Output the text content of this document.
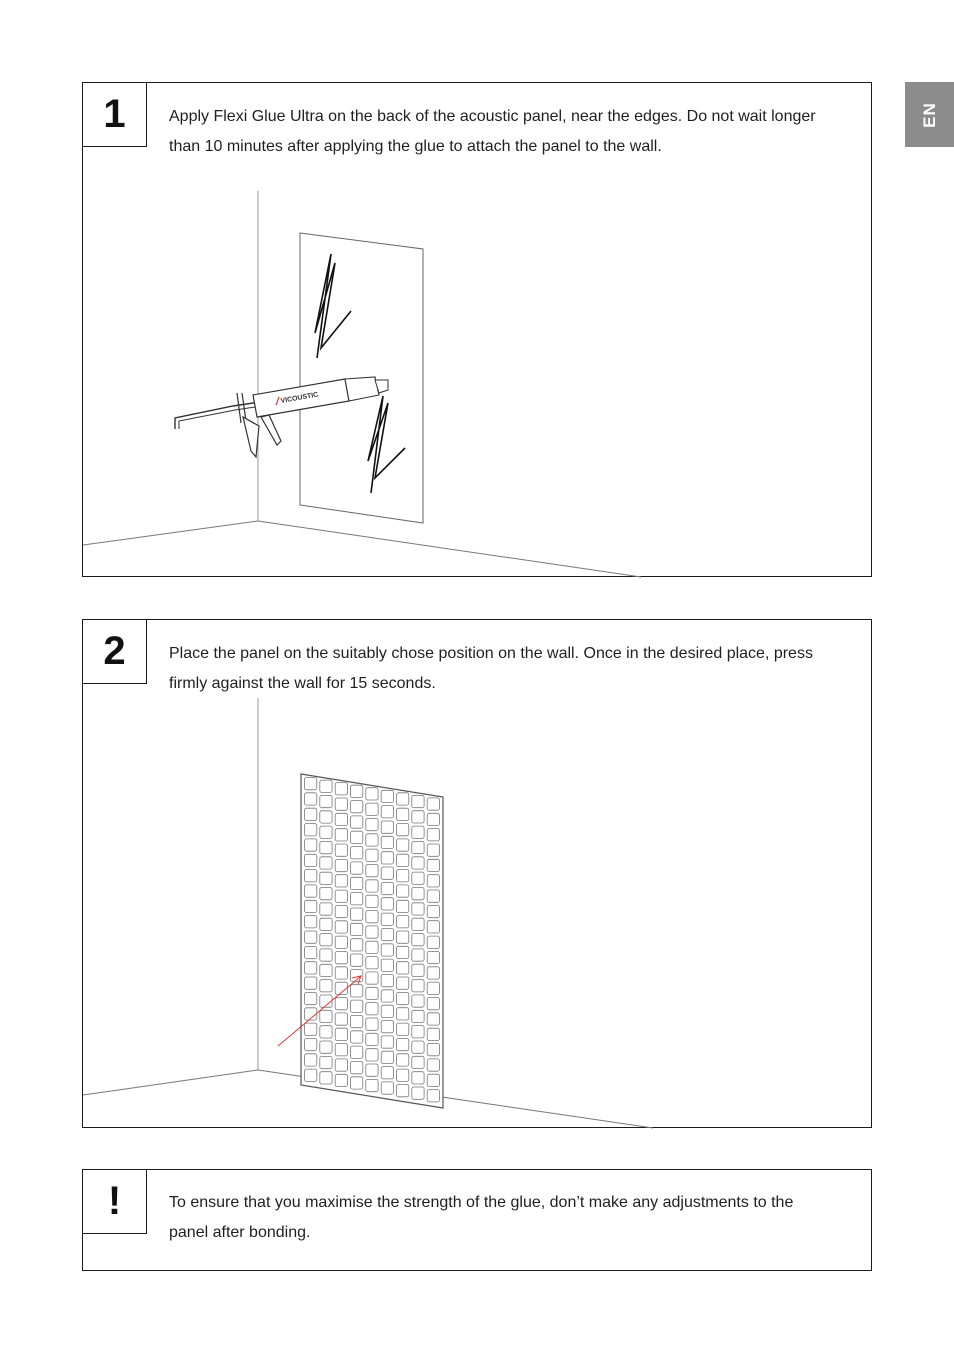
EN
VICOUSTIC
1	Apply Flexi Glue Ultra on the back of the acoustic panel, near the edges. Do not wait longer than 10 minutes after applying the glue to attach the panel to the wall.
2	Place the panel on the suitably chose position on the wall. Once in the desired place, press firmly against the wall for 15 seconds.
!	To ensure that you maximise the strength of the glue, don’t make any adjustments to the panel after bonding.
